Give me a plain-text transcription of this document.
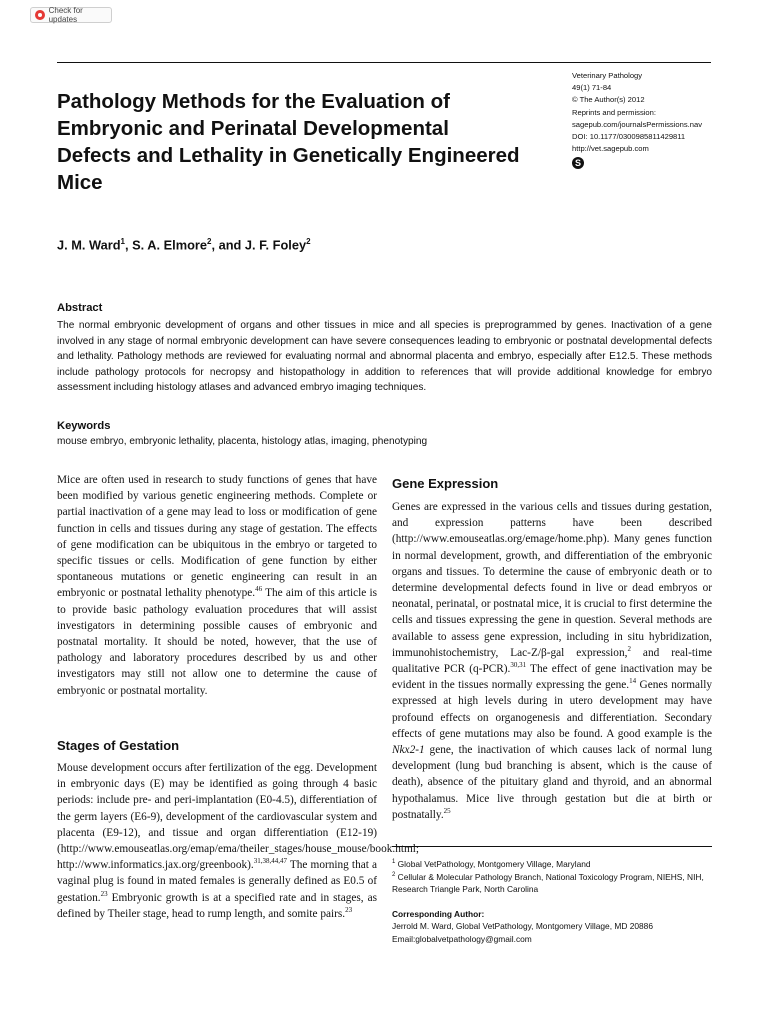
Check for updates
Pathology Methods for the Evaluation of Embryonic and Perinatal Developmental Defects and Lethality in Genetically Engineered Mice
Veterinary Pathology
49(1) 71-84
© The Author(s) 2012
Reprints and permission:
sagepub.com/journalsPermissions.nav
DOI: 10.1177/0300985811429811
http://vet.sagepub.com
S
J. M. Ward$^1$, S. A. Elmore$^2$, and J. F. Foley$^2$
Abstract
The normal embryonic development of organs and other tissues in mice and all species is preprogrammed by genes. Inactivation of a gene involved in any stage of normal embryonic development can have severe consequences leading to embryonic or postnatal developmental defects and lethality. Pathology methods are reviewed for evaluating normal and abnormal placenta and embryo, especially after E12.5. These methods include pathology protocols for necropsy and histopathology in addition to references that will provide additional knowledge for embryo assessment including histology atlases and advanced embryo imaging techniques.
Keywords
mouse embryo, embryonic lethality, placenta, histology atlas, imaging, phenotyping
Mice are often used in research to study functions of genes that have been modified by various genetic engineering methods. Complete or partial inactivation of a gene may lead to loss or modification of gene function in cells and tissues during any stage of gestation. The effects of gene modification can be ubiquitous in the embryo or targeted to specific tissues or cells. Modification of gene function by either spontaneous mutations or genetic engineering can result in an embryonic or postnatal lethality phenotype.$^{46}$ The aim of this article is to provide basic pathology evaluation procedures that will assist investigators in determining possible causes of embryonic and postnatal mortality. It should be noted, however, that the use of pathology and laboratory procedures described by us and other investigators may still not allow one to determine the cause of embryonic or postnatal mortality.
Stages of Gestation
Mouse development occurs after fertilization of the egg. Development in embryonic days (E) may be identified as going through 4 basic periods: include pre- and peri-implantation (E0-4.5), differentiation of the germ layers (E6-9), development of the cardiovascular system and placenta (E9-12), and tissue and organ differentiation (E12-19) (http://www.emouseatlas.org/emap/ema/theiler_stages/house_mouse/book.html; http://www.informatics.jax.org/greenbook).$^{31,38,44,47}$ The morning that a vaginal plug is found in mated females is generally defined as E0.5 of gestation.$^{23}$ Embryonic growth is at a specified rate and in stages, as defined by Theiler stage, head to rump length, and somite pairs.$^{23}$
Gene Expression
Genes are expressed in the various cells and tissues during gestation, and expression patterns have been described (http://www.emouseatlas.org/emage/home.php). Many genes function in normal development, growth, and differentiation of the embryonic organs and tissues. To determine the cause of embryonic death or to determine developmental defects found in live or dead embryos or neonatal, perinatal, or postnatal mice, it is crucial to first determine the cells and tissues expressing the gene in question. Several methods are available to assess gene expression, including in situ hybridization, immunohistochemistry, Lac-Z/β-gal expression,$^2$ and real-time qualitative PCR (q-PCR).$^{30,31}$ The effect of gene inactivation may be evident in the tissues normally expressing the gene.$^{14}$ Genes normally expressed at high levels during in utero development may have profound effects on organogenesis and differentiation. Secondary effects of gene mutations may also be found. A good example is the Nkx2-1 gene, the inactivation of which causes lack of normal lung development (lung bud branching is absent, which is the cause of death), absence of the pituitary gland and thyroid, and an abnormal hypothalamus. Mice live through gestation but die at birth or postnatally.$^{25}$
$^1$ Global VetPathology, Montgomery Village, Maryland
$^2$ Cellular & Molecular Pathology Branch, National Toxicology Program, NIEHS, NIH, Research Triangle Park, North Carolina
Corresponding Author:
Jerrold M. Ward, Global VetPathology, Montgomery Village, MD 20886
Email:globalvetpathology@gmail.com
